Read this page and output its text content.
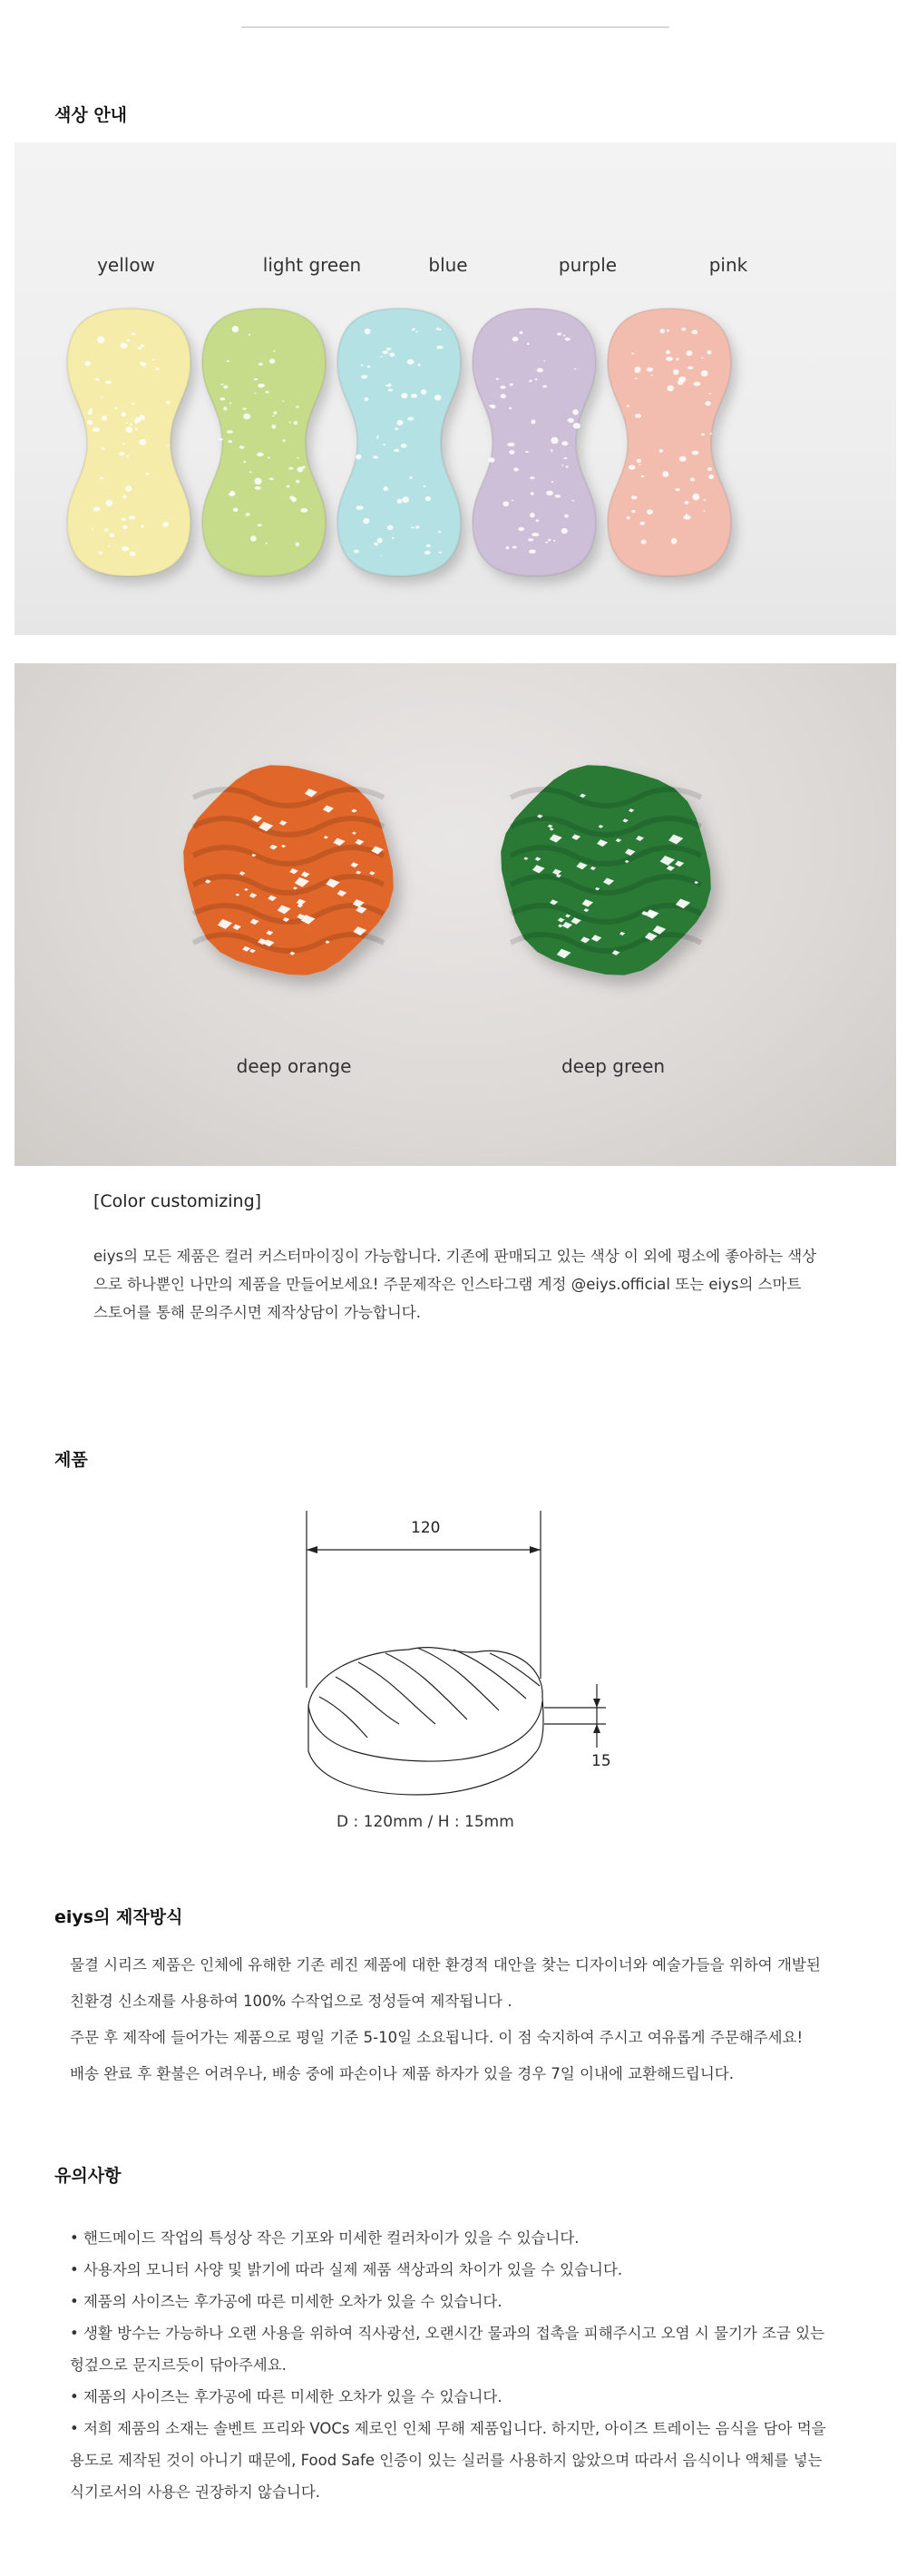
색상 안내
yellow	light green	blue	purple	pink
deep orange	deep green
[Color customizing]
eiys의 모든 제품은 컬러 커스터마이징이 가능합니다. 기존에 판매되고 있는 색상 이 외에 평소에 좋아하는 색상으로 하나뿐인 나만의 제품을 만들어보세요! 주문제작은 인스타그램 계정 @eiys.official 또는 eiys의 스마트 스토어를 통해 문의주시면 제작상담이 가능합니다.
제품
120
15
D : 120mm / H : 15mm
eiys의 제작방식

물결 시리즈 제품은 인체에 유해한 기존 레진 제품에 대한 환경적 대안을 찾는 디자이너와 예술가들을 위하여 개발된

친환경 신소재를 사용하여 100% 수작업으로 정성들여 제작됩니다 .

주문 후 제작에 들어가는 제품으로 평일 기준 5-10일 소요됩니다. 이 점 숙지하여 주시고 여유롭게 주문해주세요!

배송 완료 후 환불은 어려우나, 배송 중에 파손이나 제품 하자가 있을 경우 7일 이내에 교환해드립니다.

유의사항

• 핸드메이드 작업의 특성상 작은 기포와 미세한 컬러차이가 있을 수 있습니다.

• 사용자의 모니터 사양 및 밝기에 따라 실제 제품 색상과의 차이가 있을 수 있습니다.

• 제품의 사이즈는 후가공에 따른 미세한 오차가 있을 수 있습니다.

• 생활 방수는 가능하나 오랜 사용을 위하여 직사광선, 오랜시간 물과의 접촉을 피해주시고 오염 시 물기가 조금 있는

헝겊으로 문지르듯이 닦아주세요.

• 제품의 사이즈는 후가공에 따른 미세한 오차가 있을 수 있습니다.

• 저희 제품의 소재는 솔벤트 프리와 VOCs 제로인 인체 무해 제품입니다. 하지만, 아이즈 트레이는 음식을 담아 먹을

용도로 제작된 것이 아니기 때문에, Food Safe 인증이 있는 실러를 사용하지 않았으며 따라서 음식이나 액체를 넣는

식기로서의 사용은 권장하지 않습니다.
